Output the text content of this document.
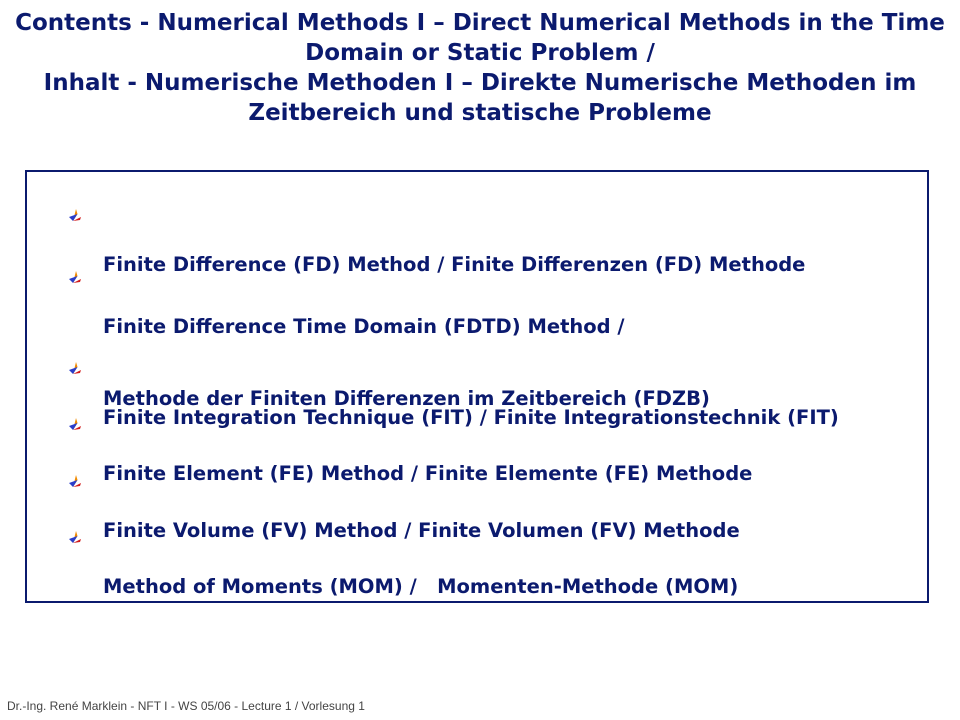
Contents - Numerical Methods I – Direct Numerical Methods in the Time
Domain or Static Problem /
Inhalt - Numerische Methoden I – Direkte Numerische Methoden im
Zeitbereich und statische Probleme

Finite Difference (FD) Method / Finite Differenzen (FD) Methode

Finite Difference Time Domain (FDTD) Method /

Methode der Finiten Differenzen im Zeitbereich (FDZB)

Finite Integration Technique (FIT) / Finite Integrationstechnik (FIT)

Finite Element (FE) Method / Finite Elemente (FE) Methode

Finite Volume (FV) Method / Finite Volumen (FV) Methode

Method of Moments (MOM) /   Momenten-Methode (MOM)

Dr.-Ing. René Marklein - NFT I - WS 05/06 - Lecture 1 / Vorlesung 1
